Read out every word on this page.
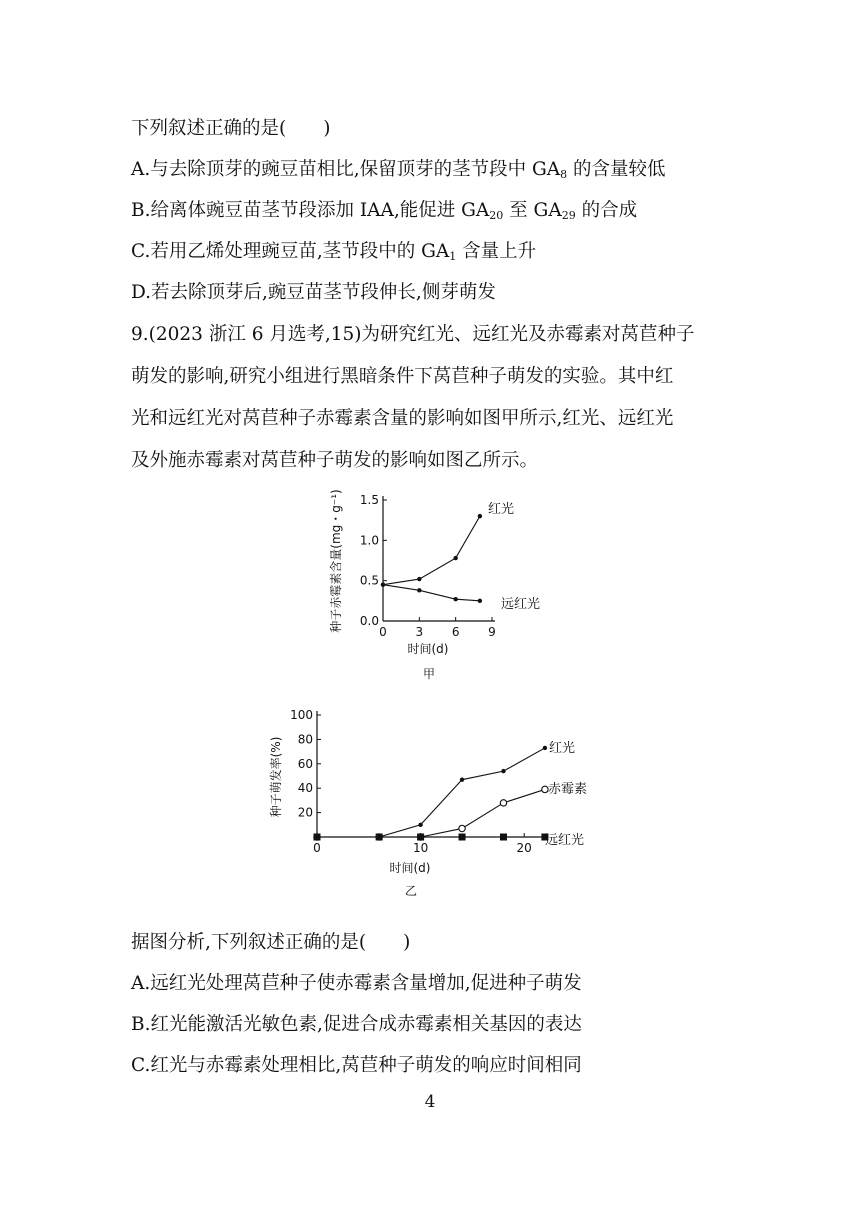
下列叙述正确的是(　　)
A.与去除顶芽的豌豆苗相比,保留顶芽的茎节段中 $GA_8$ 的含量较低
B.给离体豌豆苗茎节段添加 IAA,能促进 $GA_{20}$ 至 $GA_{29}$ 的合成
C.若用乙烯处理豌豆苗,茎节段中的 $GA_1$ 含量上升
D.若去除顶芽后,豌豆苗茎节段伸长,侧芽萌发
9.(2023 浙江 6 月选考,15)为研究红光、远红光及赤霉素对莴苣种子
萌发的影响,研究小组进行黑暗条件下莴苣种子萌发的实验。其中红
光和远红光对莴苣种子赤霉素含量的影响如图甲所示,红光、远红光
及外施赤霉素对莴苣种子萌发的影响如图乙所示。
种子赤霉素含量(mg・g⁻¹)
时间(d)
甲
0.0
0.5
1.0
1.5
0 3 6 9
红光
远红光
种子萌发率(%)
时间(d)
乙
20
40
60
80
100
0	10	20
红光
赤霉素
远红光
据图分析,下列叙述正确的是(　　)
A.远红光处理莴苣种子使赤霉素含量增加,促进种子萌发
B.红光能激活光敏色素,促进合成赤霉素相关基因的表达
C.红光与赤霉素处理相比,莴苣种子萌发的响应时间相同
4
